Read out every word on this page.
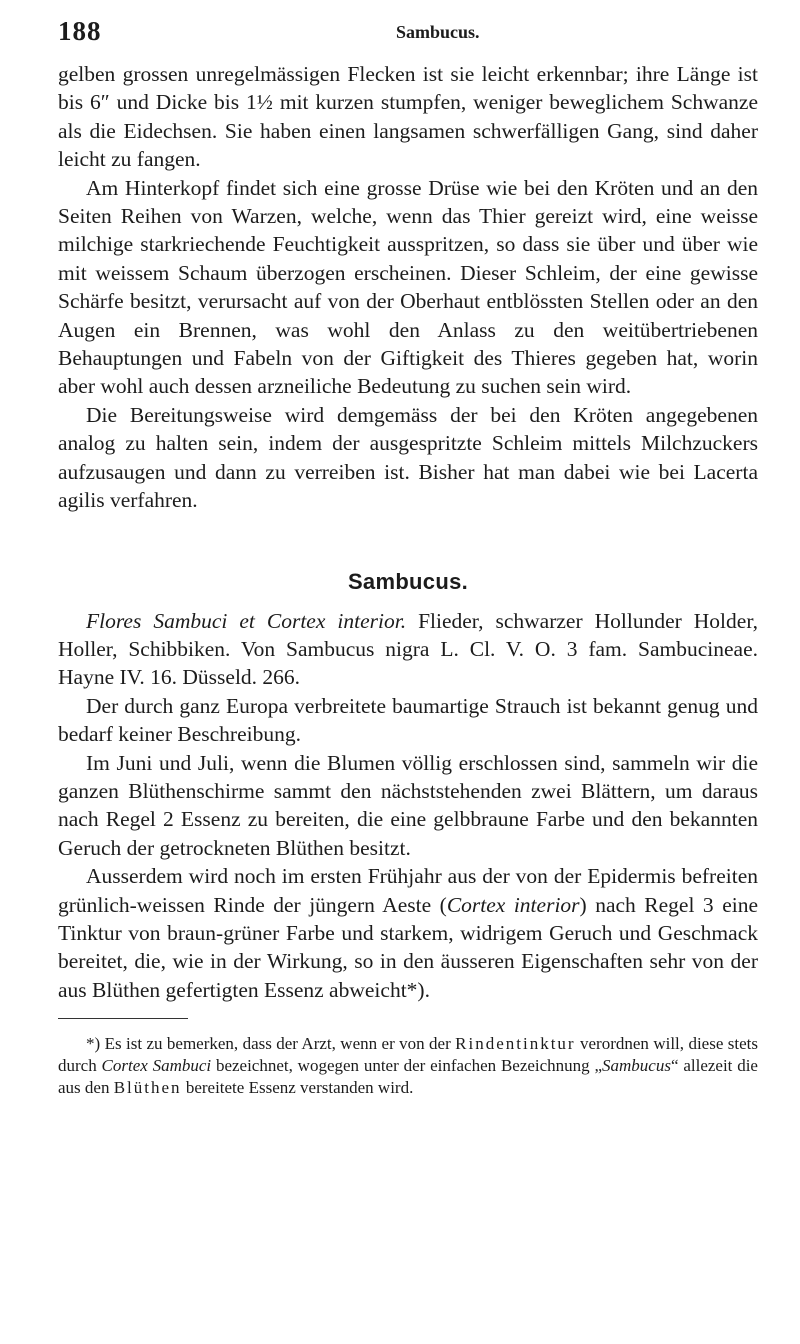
188	Sambucus.

gelben grossen unregelmässigen Flecken ist sie leicht erkennbar; ihre Länge ist bis 6″ und Dicke bis 1½ mit kurzen stumpfen, weniger beweglichem Schwanze als die Eidechsen. Sie haben einen langsamen schwerfälligen Gang, sind daher leicht zu fangen.

Am Hinterkopf findet sich eine grosse Drüse wie bei den Kröten und an den Seiten Reihen von Warzen, welche, wenn das Thier gereizt wird, eine weisse milchige starkriechende Feuchtigkeit ausspritzen, so dass sie über und über wie mit weissem Schaum überzogen erscheinen. Dieser Schleim, der eine gewisse Schärfe besitzt, verursacht auf von der Oberhaut entblössten Stellen oder an den Augen ein Brennen, was wohl den Anlass zu den weitübertriebenen Behauptungen und Fabeln von der Giftigkeit des Thieres gegeben hat, worin aber wohl auch dessen arzneiliche Bedeutung zu suchen sein wird.

Die Bereitungsweise wird demgemäss der bei den Kröten angegebenen analog zu halten sein, indem der ausgespritzte Schleim mittels Milchzuckers aufzusaugen und dann zu verreiben ist. Bisher hat man dabei wie bei Lacerta agilis verfahren.

Sambucus.

Flores Sambuci et Cortex interior. Flieder, schwarzer Hollunder Holder, Holler, Schibbiken. Von Sambucus nigra L. Cl. V. O. 3 fam. Sambucineae. Hayne IV. 16. Düsseld. 266.

Der durch ganz Europa verbreitete baumartige Strauch ist bekannt genug und bedarf keiner Beschreibung.

Im Juni und Juli, wenn die Blumen völlig erschlossen sind, sammeln wir die ganzen Blüthenschirme sammt den nächststehenden zwei Blättern, um daraus nach Regel 2 Essenz zu bereiten, die eine gelbbraune Farbe und den bekannten Geruch der getrockneten Blüthen besitzt.

Ausserdem wird noch im ersten Frühjahr aus der von der Epidermis befreiten grünlich-weissen Rinde der jüngern Aeste (Cortex interior) nach Regel 3 eine Tinktur von braun-grüner Farbe und starkem, widrigem Geruch und Geschmack bereitet, die, wie in der Wirkung, so in den äusseren Eigenschaften sehr von der aus Blüthen gefertigten Essenz abweicht*).

*) Es ist zu bemerken, dass der Arzt, wenn er von der Rindentinktur verordnen will, diese stets durch Cortex Sambuci bezeichnet, wogegen unter der einfachen Bezeichnung „Sambucus“ allezeit die aus den Blüthen bereitete Essenz verstanden wird.
